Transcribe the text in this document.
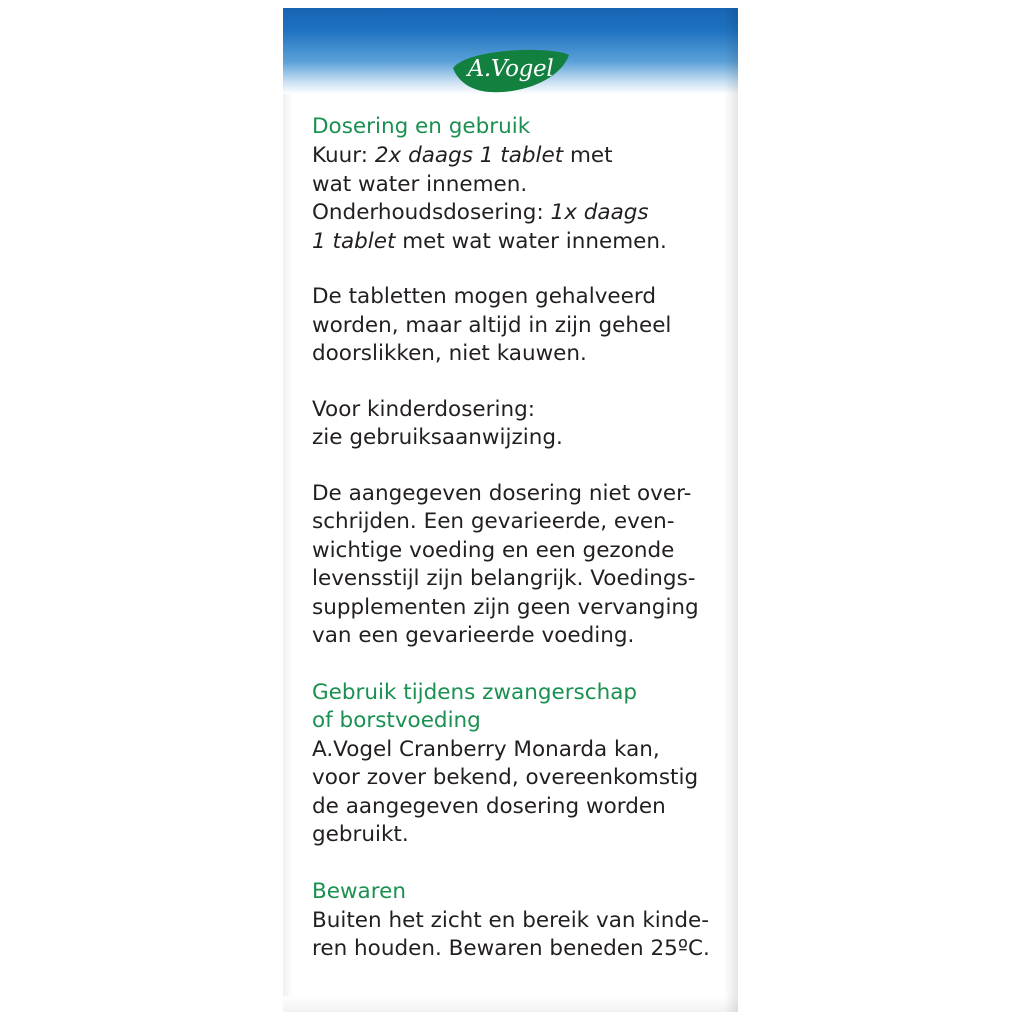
A.Vogel
Dosering en gebruik

Kuur: 2x daags 1 tablet met
wat water innemen.
Onderhoudsdosering: 1x daags
1 tablet met wat water innemen.

De tabletten mogen gehalveerd
worden, maar altijd in zijn geheel
doorslikken, niet kauwen.

Voor kinderdosering:
zie gebruiksaanwijzing.

De aangegeven dosering niet over-
schrijden. Een gevarieerde, even-
wichtige voeding en een gezonde
levensstijl zijn belangrijk. Voedings-
supplementen zijn geen vervanging
van een gevarieerde voeding.

Gebruik tijdens zwangerschap
of borstvoeding

A.Vogel Cranberry Monarda kan,
voor zover bekend, overeenkomstig
de aangegeven dosering worden
gebruikt.

Bewaren

Buiten het zicht en bereik van kinde-
ren houden. Bewaren beneden 25ºC.
